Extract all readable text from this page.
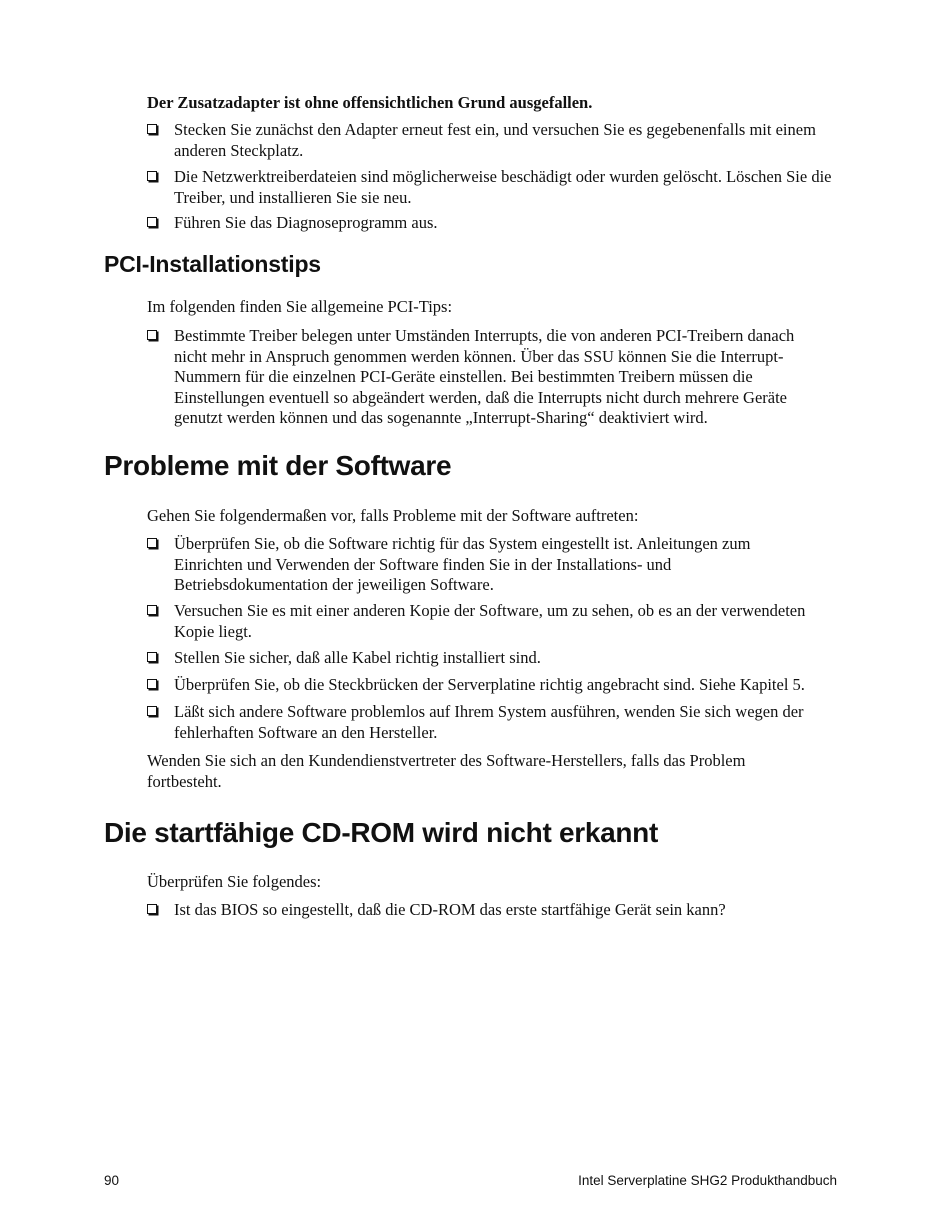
Der Zusatzadapter ist ohne offensichtlichen Grund ausgefallen.
Stecken Sie zunächst den Adapter erneut fest ein, und versuchen Sie es gegebenenfalls mit einem anderen Steckplatz.
Die Netzwerktreiberdateien sind möglicherweise beschädigt oder wurden gelöscht. Löschen Sie die Treiber, und installieren Sie sie neu.
Führen Sie das Diagnoseprogramm aus.
PCI-Installationstips
Im folgenden finden Sie allgemeine PCI-Tips:
Bestimmte Treiber belegen unter Umständen Interrupts, die von anderen PCI-Treibern danach nicht mehr in Anspruch genommen werden können. Über das SSU können Sie die Interrupt-Nummern für die einzelnen PCI-Geräte einstellen. Bei bestimmten Treibern müssen die Einstellungen eventuell so abgeändert werden, daß die Interrupts nicht durch mehrere Geräte genutzt werden können und das sogenannte „Interrupt-Sharing“ deaktiviert wird.
Probleme mit der Software
Gehen Sie folgendermaßen vor, falls Probleme mit der Software auftreten:
Überprüfen Sie, ob die Software richtig für das System eingestellt ist. Anleitungen zum Einrichten und Verwenden der Software finden Sie in der Installations- und Betriebsdokumentation der jeweiligen Software.
Versuchen Sie es mit einer anderen Kopie der Software, um zu sehen, ob es an der verwendeten Kopie liegt.
Stellen Sie sicher, daß alle Kabel richtig installiert sind.
Überprüfen Sie, ob die Steckbrücken der Serverplatine richtig angebracht sind. Siehe Kapitel 5.
Läßt sich andere Software problemlos auf Ihrem System ausführen, wenden Sie sich wegen der fehlerhaften Software an den Hersteller.
Wenden Sie sich an den Kundendienstvertreter des Software-Herstellers, falls das Problem fortbesteht.
Die startfähige CD-ROM wird nicht erkannt
Überprüfen Sie folgendes:
Ist das BIOS so eingestellt, daß die CD-ROM das erste startfähige Gerät sein kann?
90	Intel Serverplatine SHG2 Produkthandbuch
